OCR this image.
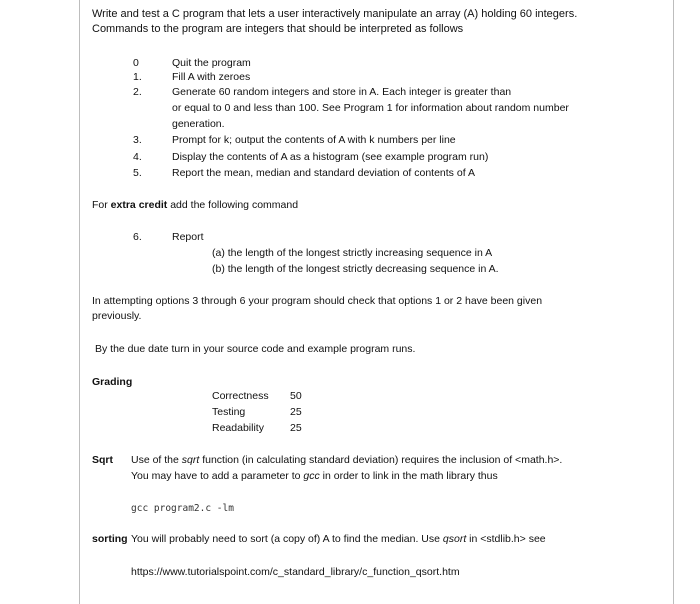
Write and test a C program that lets a user interactively manipulate an array (A) holding 60 integers.
Commands to the program are integers that should be interpreted as follows
0	Quit the program
1.	Fill A with zeroes
2.	Generate 60 random integers and store in A. Each integer is greater than
or equal to 0 and less than 100. See Program 1 for information about random number
generation.
3.	Prompt for k; output the contents of A with k numbers per line
4.	Display the contents of A as a histogram (see example program run)
5.	Report the mean, median and standard deviation of contents of A
For extra credit add the following command
6.	Report
(a) the length of the longest strictly increasing sequence in A
(b) the length of the longest strictly decreasing sequence in A.
In attempting options 3 through 6 your program should check that options 1 or 2 have been given
previously.
By the due date turn in your source code and example program runs.
Grading
Correctness 50
Testing	25
Readability 25
Sqrt Use of the sqrt function (in calculating standard deviation) requires the inclusion of <math.h>.
You may have to add a parameter to gcc in order to link in the math library thus
gcc program2.c -lm
sorting You will probably need to sort (a copy of) A to find the median. Use qsort in <stdlib.h> see
https://www.tutorialspoint.com/c_standard_library/c_function_qsort.htm
